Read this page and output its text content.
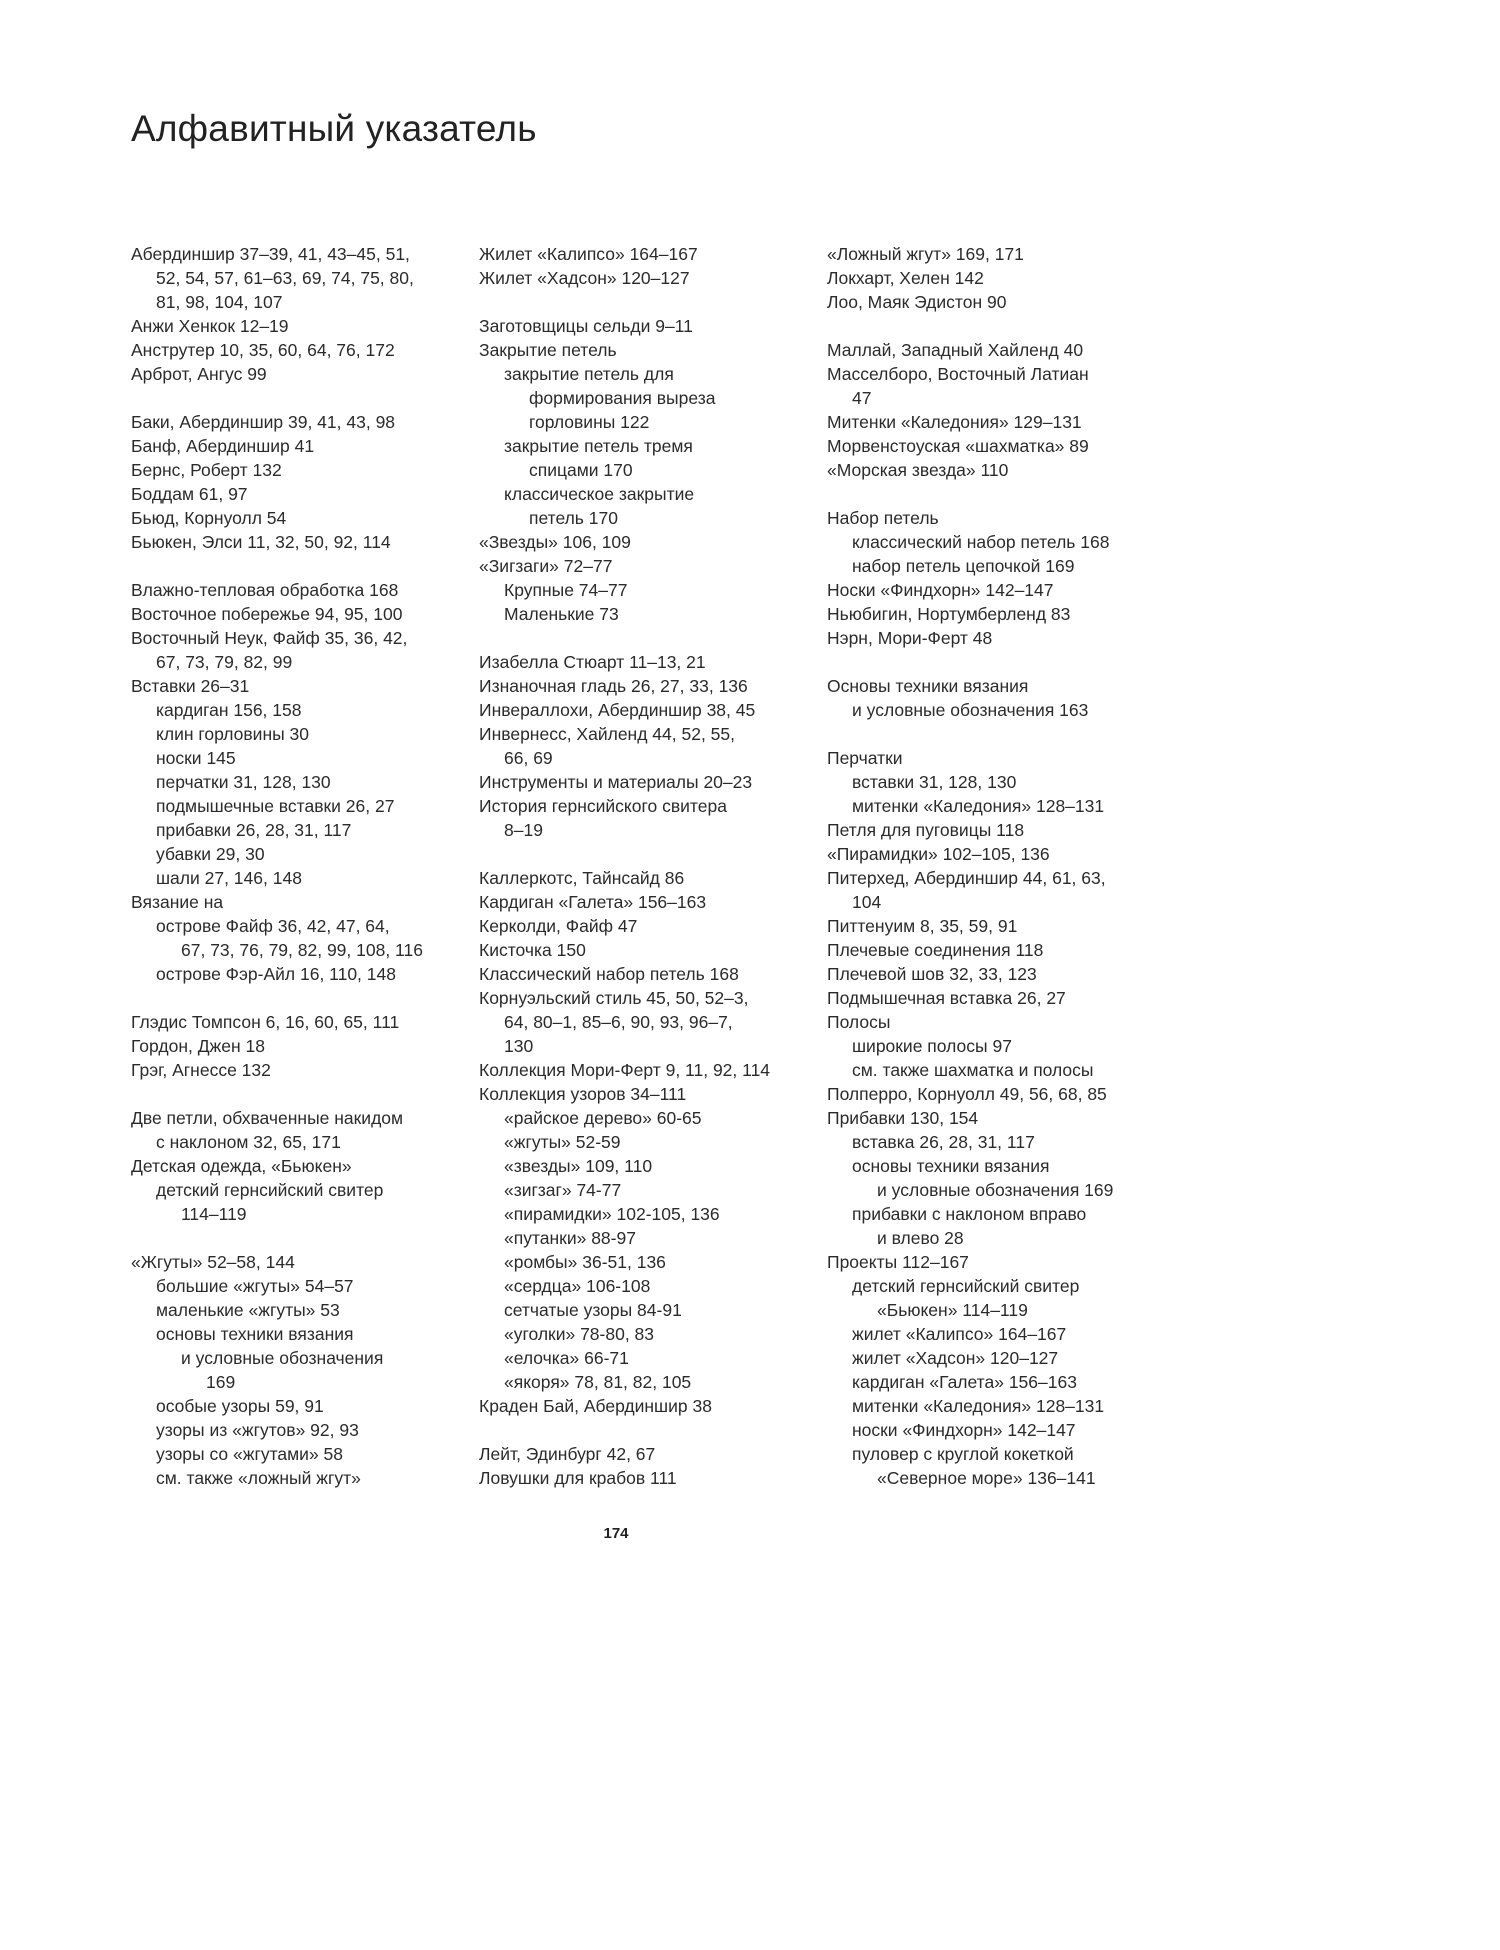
Алфавитный указатель
Абердиншир 37–39, 41, 43–45, 51,
52, 54, 57, 61–63, 69, 74, 75, 80,
81, 98, 104, 107
Анжи Хенкок 12–19
Анструтер 10, 35, 60, 64, 76, 172
Арброт, Ангус 99
Баки, Абердиншир 39, 41, 43, 98
Банф, Абердиншир 41
Бернс, Роберт 132
Боддам 61, 97
Бьюд, Корнуолл 54
Бьюкен, Элси 11, 32, 50, 92, 114
Влажно-тепловая обработка 168
Восточное побережье 94, 95, 100
Восточный Неук, Файф 35, 36, 42,
67, 73, 79, 82, 99
Вставки 26–31
кардиган 156, 158
клин горловины 30
носки 145
перчатки 31, 128, 130
подмышечные вставки 26, 27
прибавки 26, 28, 31, 117
убавки 29, 30
шали 27, 146, 148
Вязание на
острове Файф 36, 42, 47, 64,
67, 73, 76, 79, 82, 99, 108, 116
острове Фэр-Айл 16, 110, 148
Глэдис Томпсон 6, 16, 60, 65, 111
Гордон, Джен 18
Грэг, Агнессе 132
Две петли, обхваченные накидом
с наклоном 32, 65, 171
Детская одежда, «Бьюкен»
детский гернсийский свитер
114–119
«Жгуты» 52–58, 144
большие «жгуты» 54–57
маленькие «жгуты» 53
основы техники вязания
и условные обозначения
169
особые узоры 59, 91
узоры из «жгутов» 92, 93
узоры со «жгутами» 58
см. также «ложный жгут»
Жилет «Калипсо» 164–167
Жилет «Хадсон» 120–127
Заготовщицы сельди 9–11
Закрытие петель
закрытие петель для
формирования выреза
горловины 122
закрытие петель тремя
спицами 170
классическое закрытие
петель 170
«Звезды» 106, 109
«Зигзаги» 72–77
Крупные 74–77
Маленькие 73
Изабелла Стюарт 11–13, 21
Изнаночная гладь 26, 27, 33, 136
Инвераллохи, Абердиншир 38, 45
Инвернесс, Хайленд 44, 52, 55,
66, 69
Инструменты и материалы 20–23
История гернсийского свитера
8–19
Каллеркотс, Тайнсайд 86
Кардиган «Галета» 156–163
Керколди, Файф 47
Кисточка 150
Классический набор петель 168
Корнуэльский стиль 45, 50, 52–3,
64, 80–1, 85–6, 90, 93, 96–7,
130
Коллекция Мори-Ферт 9, 11, 92, 114
Коллекция узоров 34–111
«райское дерево» 60-65
«жгуты» 52-59
«звезды» 109, 110
«зигзаг» 74-77
«пирамидки» 102-105, 136
«путанки» 88-97
«ромбы» 36-51, 136
«сердца» 106-108
сетчатые узоры 84-91
«уголки» 78-80, 83
«елочка» 66-71
«якоря» 78, 81, 82, 105
Краден Бай, Абердиншир 38
Лейт, Эдинбург 42, 67
Ловушки для крабов 111
«Ложный жгут» 169, 171
Локхарт, Хелен 142
Лоо, Маяк Эдистон 90
Маллай, Западный Хайленд 40
Масселборо, Восточный Латиан
47
Митенки «Каледония» 129–131
Морвенстоуская «шахматка» 89
«Морская звезда» 110
Набор петель
классический набор петель 168
набор петель цепочкой 169
Носки «Финдхорн» 142–147
Ньюбигин, Нортумберленд 83
Нэрн, Мори-Ферт 48
Основы техники вязания
и условные обозначения 163
Перчатки
вставки 31, 128, 130
митенки «Каледония» 128–131
Петля для пуговицы 118
«Пирамидки» 102–105, 136
Питерхед, Абердиншир 44, 61, 63,
104
Питтенуим 8, 35, 59, 91
Плечевые соединения 118
Плечевой шов 32, 33, 123
Подмышечная вставка 26, 27
Полосы
широкие полосы 97
см. также шахматка и полосы
Полперро, Корнуолл 49, 56, 68, 85
Прибавки 130, 154
вставка 26, 28, 31, 117
основы техники вязания
и условные обозначения 169
прибавки с наклоном вправо
и влево 28
Проекты 112–167
детский гернсийский свитер
«Бьюкен» 114–119
жилет «Калипсо» 164–167
жилет «Хадсон» 120–127
кардиган «Галета» 156–163
митенки «Каледония» 128–131
носки «Финдхорн» 142–147
пуловер с круглой кокеткой
«Северное море» 136–141
174
